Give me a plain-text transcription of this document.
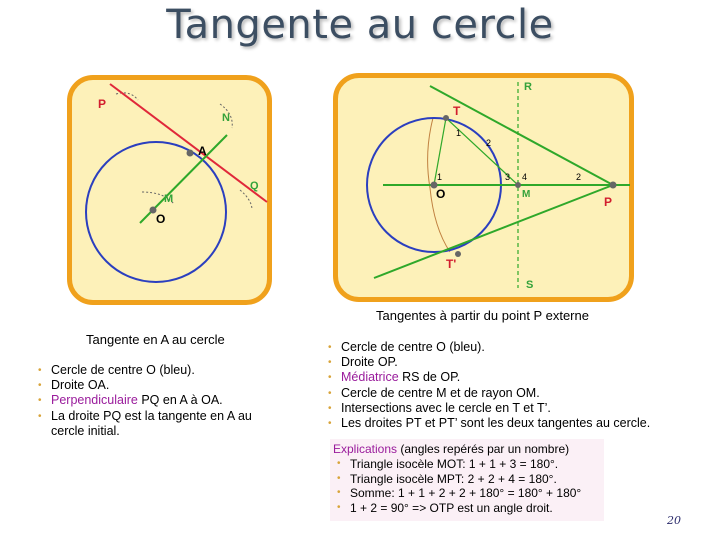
Tangente au cercle
P
N
A
Q
M
O
R
T
1
2
1	3 4	2
O	M
P
T'
S
Tangentes à partir du point P externe
Tangente en A au cercle
• Cercle de centre O (bleu).
• Droite OA.
• Perpendiculaire PQ en A à OA.
• La droite PQ est la tangente en A au cercle initial.
• Cercle de centre O (bleu).
• Droite OP.
• Médiatrice RS de OP.
• Cercle de centre M et de rayon OM.
• Intersections avec le cercle en T et T’.
• Les droites PT et PT’ sont les deux tangentes au cercle.
Explications (angles repérés par un nombre)
• Triangle isocèle MOT: 1 + 1 + 3 = 180°.
• Triangle isocèle MPT: 2 + 2 + 4 = 180°.
• Somme: 1 + 1 + 2 + 2 + 180° = 180° + 180°
• 1 + 2 = 90° => OTP est un angle droit.
20
